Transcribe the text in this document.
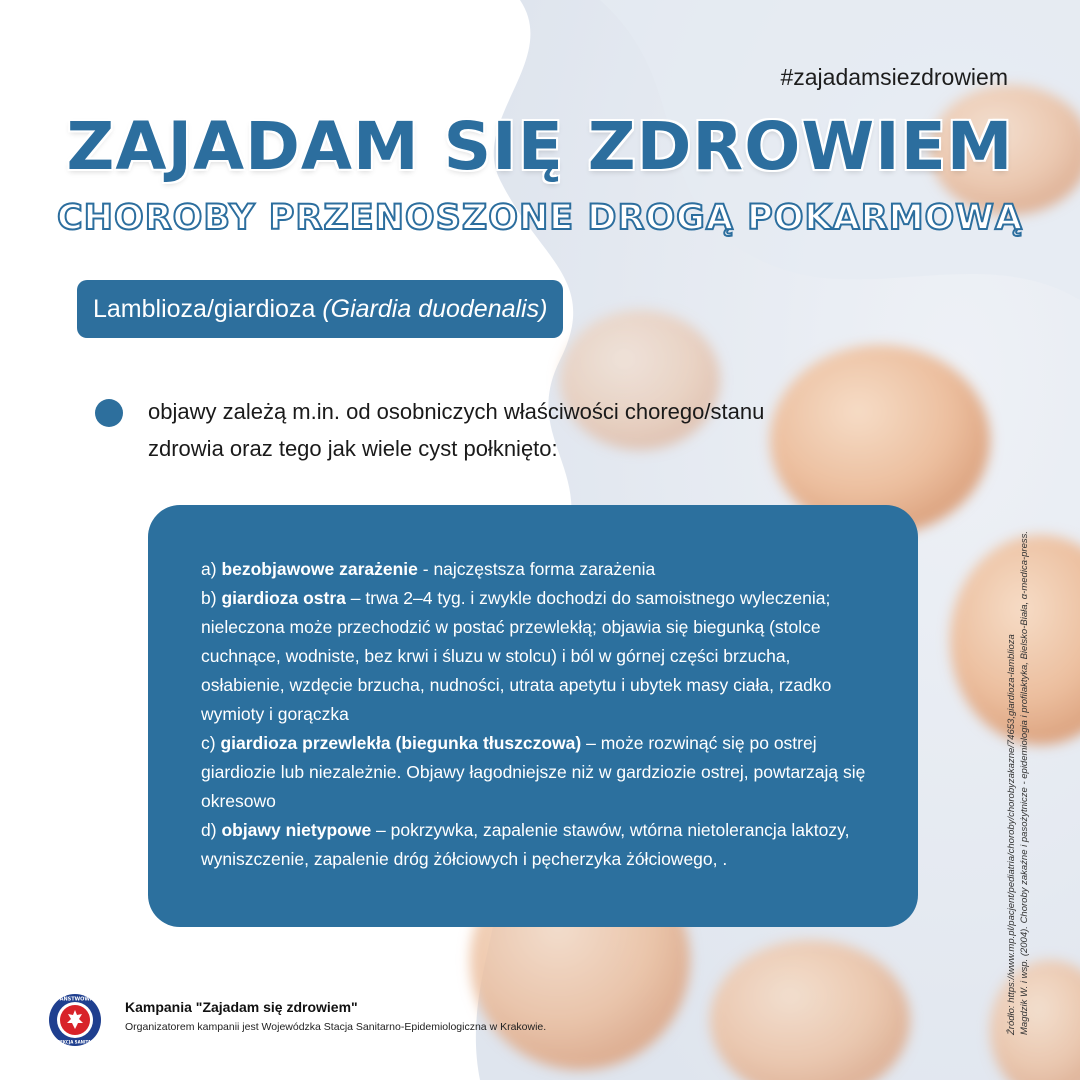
#zajadamsiezdrowiem
ZAJADAM SIĘ ZDROWIEM
CHOROBY PRZENOSZONE DROGĄ POKARMOWĄ
Lamblioza/giardioza (Giardia duodenalis)
objawy zależą m.in. od osobniczych właściwości chorego/stanu
zdrowia oraz tego jak wiele cyst połknięto:

a) bezobjawowe zarażenie - najczęstsza forma zarażenia

b) giardioza ostra – trwa 2–4 tyg. i zwykle dochodzi do samoistnego wyleczenia; nieleczona może przechodzić w postać przewlekłą; objawia się biegunką (stolce cuchnące, wodniste, bez krwi i śluzu w stolcu) i ból w górnej części brzucha, osłabienie, wzdęcie brzucha, nudności, utrata apetytu i ubytek masy ciała, rzadko wymioty i gorączka

c) giardioza przewlekła (biegunka tłuszczowa) – może rozwinąć się po ostrej giardiozie lub niezależnie. Objawy łagodniejsze niż w gardziozie ostrej, powtarzają się okresowo

d) objawy nietypowe – pokrzywka, zapalenie stawów, wtórna nietolerancja laktozy, wyniszczenie, zapalenie dróg żółciowych i pęcherzyka żółciowego, .	Źródło: https://www.mp.pl/pacjent/pediatria/choroby/chorobyzakazne/74653,giardioza-lamblioza Magdzik W. i wsp. (2004). Choroby zakaźne i pasożytnicze - epidemiologia i profilaktyka, Bielsko-Biała, α-medica-press.
PAŃSTWOWA
INSPEKCJA SANITARNA
Kampania "Zajadam się zdrowiem"
Organizatorem kampanii jest Wojewódzka Stacja Sanitarno-Epidemiologiczna w Krakowie.
